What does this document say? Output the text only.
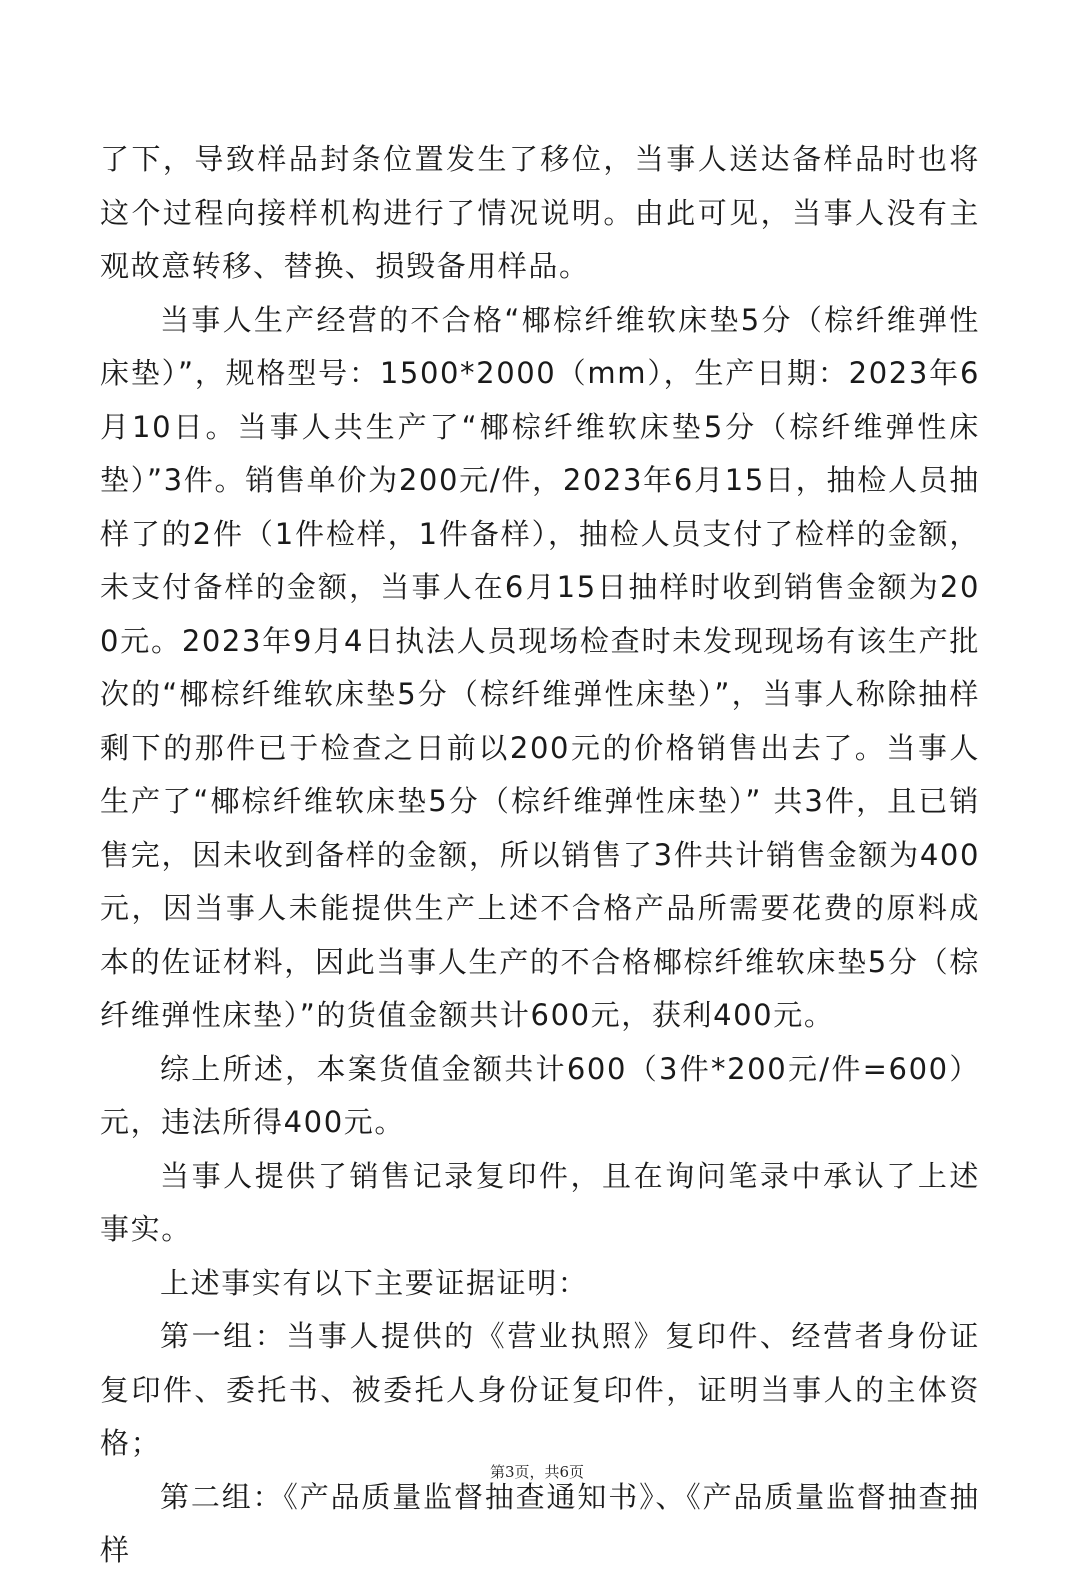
了下，导致样品封条位置发生了移位，当事人送达备样品时也将这个过程向接样机构进行了情况说明。由此可见，当事人没有主观故意转移、替换、损毁备用样品。

当事人生产经营的不合格“椰棕纤维软床垫5分（棕纤维弹性床垫）”，规格型号：1500*2000（mm），生产日期：2023年6月10日。当事人共生产了“椰棕纤维软床垫5分（棕纤维弹性床垫）”3件。销售单价为200元/件，2023年6月15日，抽检人员抽样了的2件（1件检样，1件备样），抽检人员支付了检样的金额，未支付备样的金额，当事人在6月15日抽样时收到销售金额为200元。2023年9月4日执法人员现场检查时未发现现场有该生产批次的“椰棕纤维软床垫5分（棕纤维弹性床垫）”，当事人称除抽样剩下的那件已于检查之日前以200元的价格销售出去了。当事人生产了“椰棕纤维软床垫5分（棕纤维弹性床垫）” 共3件，且已销售完，因未收到备样的金额，所以销售了3件共计销售金额为400元，因当事人未能提供生产上述不合格产品所需要花费的原料成本的佐证材料，因此当事人生产的不合格椰棕纤维软床垫5分（棕纤维弹性床垫）”的货值金额共计600元，获利400元。

综上所述，本案货值金额共计600（3件*200元/件=600）元，违法所得400元。

当事人提供了销售记录复印件，且在询问笔录中承认了上述事实。

上述事实有以下主要证据证明：

第一组：当事人提供的《营业执照》复印件、经营者身份证复印件、委托书、被委托人身份证复印件，证明当事人的主体资格；

第二组：《产品质量监督抽查通知书》、《产品质量监督抽查抽样

第3页，共6页
